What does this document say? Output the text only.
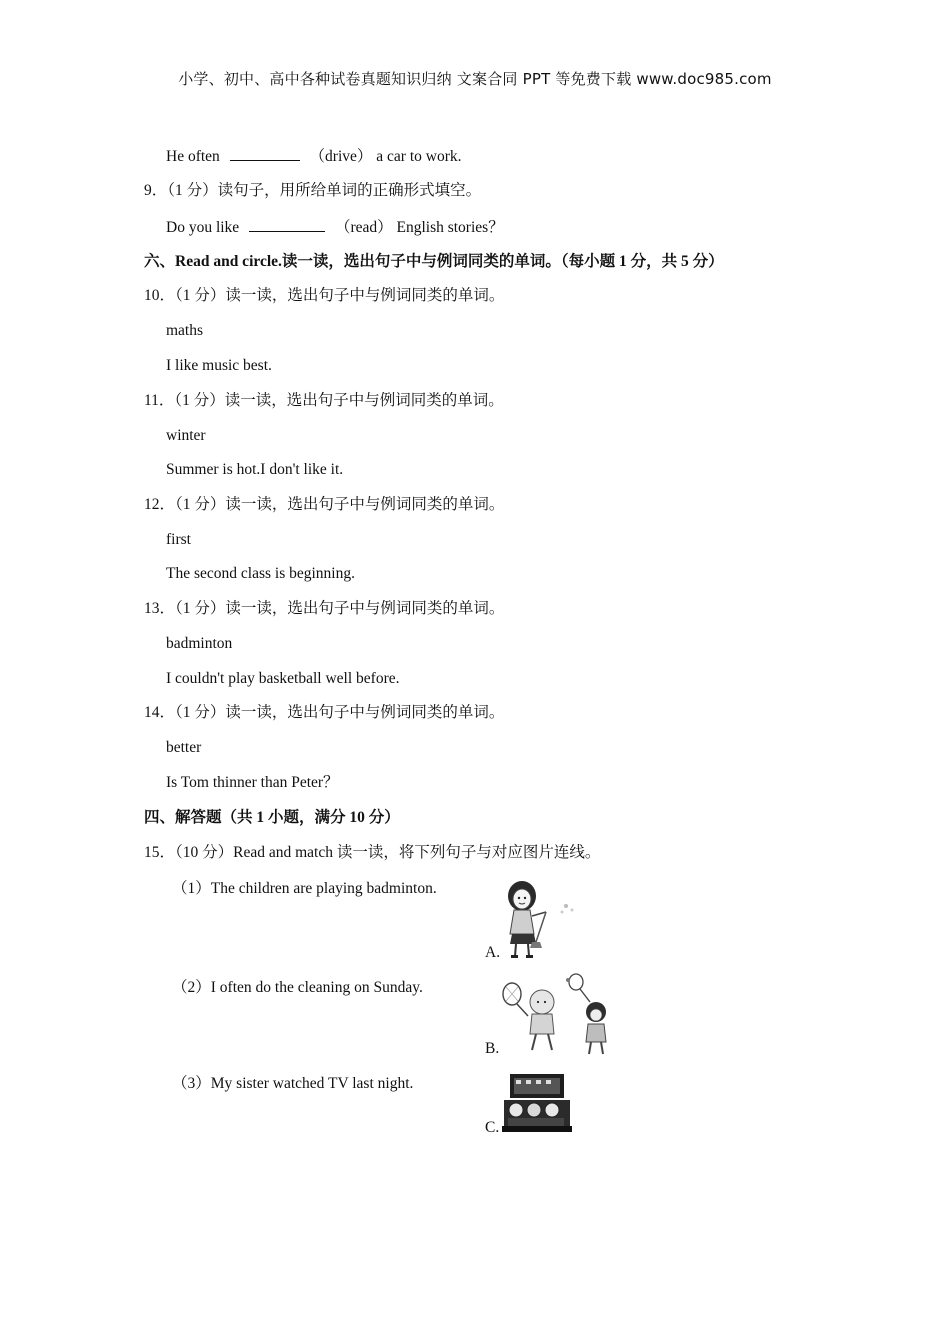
小学、初中、高中各种试卷真题知识归纳 文案合同 PPT 等免费下载 www.doc985.com
He often	（drive） a car to work.
9．（1 分）读句子，用所给单词的正确形式填空。
Do you like	（read） English stories？
六、Read and circle.读一读，选出句子中与例词同类的单词。（每小题 1 分，共 5 分）
10．（1 分）读一读，选出句子中与例词同类的单词。
maths
I like music best.
11．（1 分）读一读，选出句子中与例词同类的单词。
winter
Summer is hot.I don't like it.
12．（1 分）读一读，选出句子中与例词同类的单词。
first
The second class is beginning.
13．（1 分）读一读，选出句子中与例词同类的单词。
badminton
I couldn't play basketball well before.
14．（1 分）读一读，选出句子中与例词同类的单词。
better
Is Tom thinner than Peter？
四、解答题（共 1 小题，满分 10 分）
15．（10 分）Read and match 读一读，将下列句子与对应图片连线。
（1）The children are playing badminton.
（2）I often do the cleaning on Sunday.
（3）My sister watched TV last night.
A.
B.
C.
